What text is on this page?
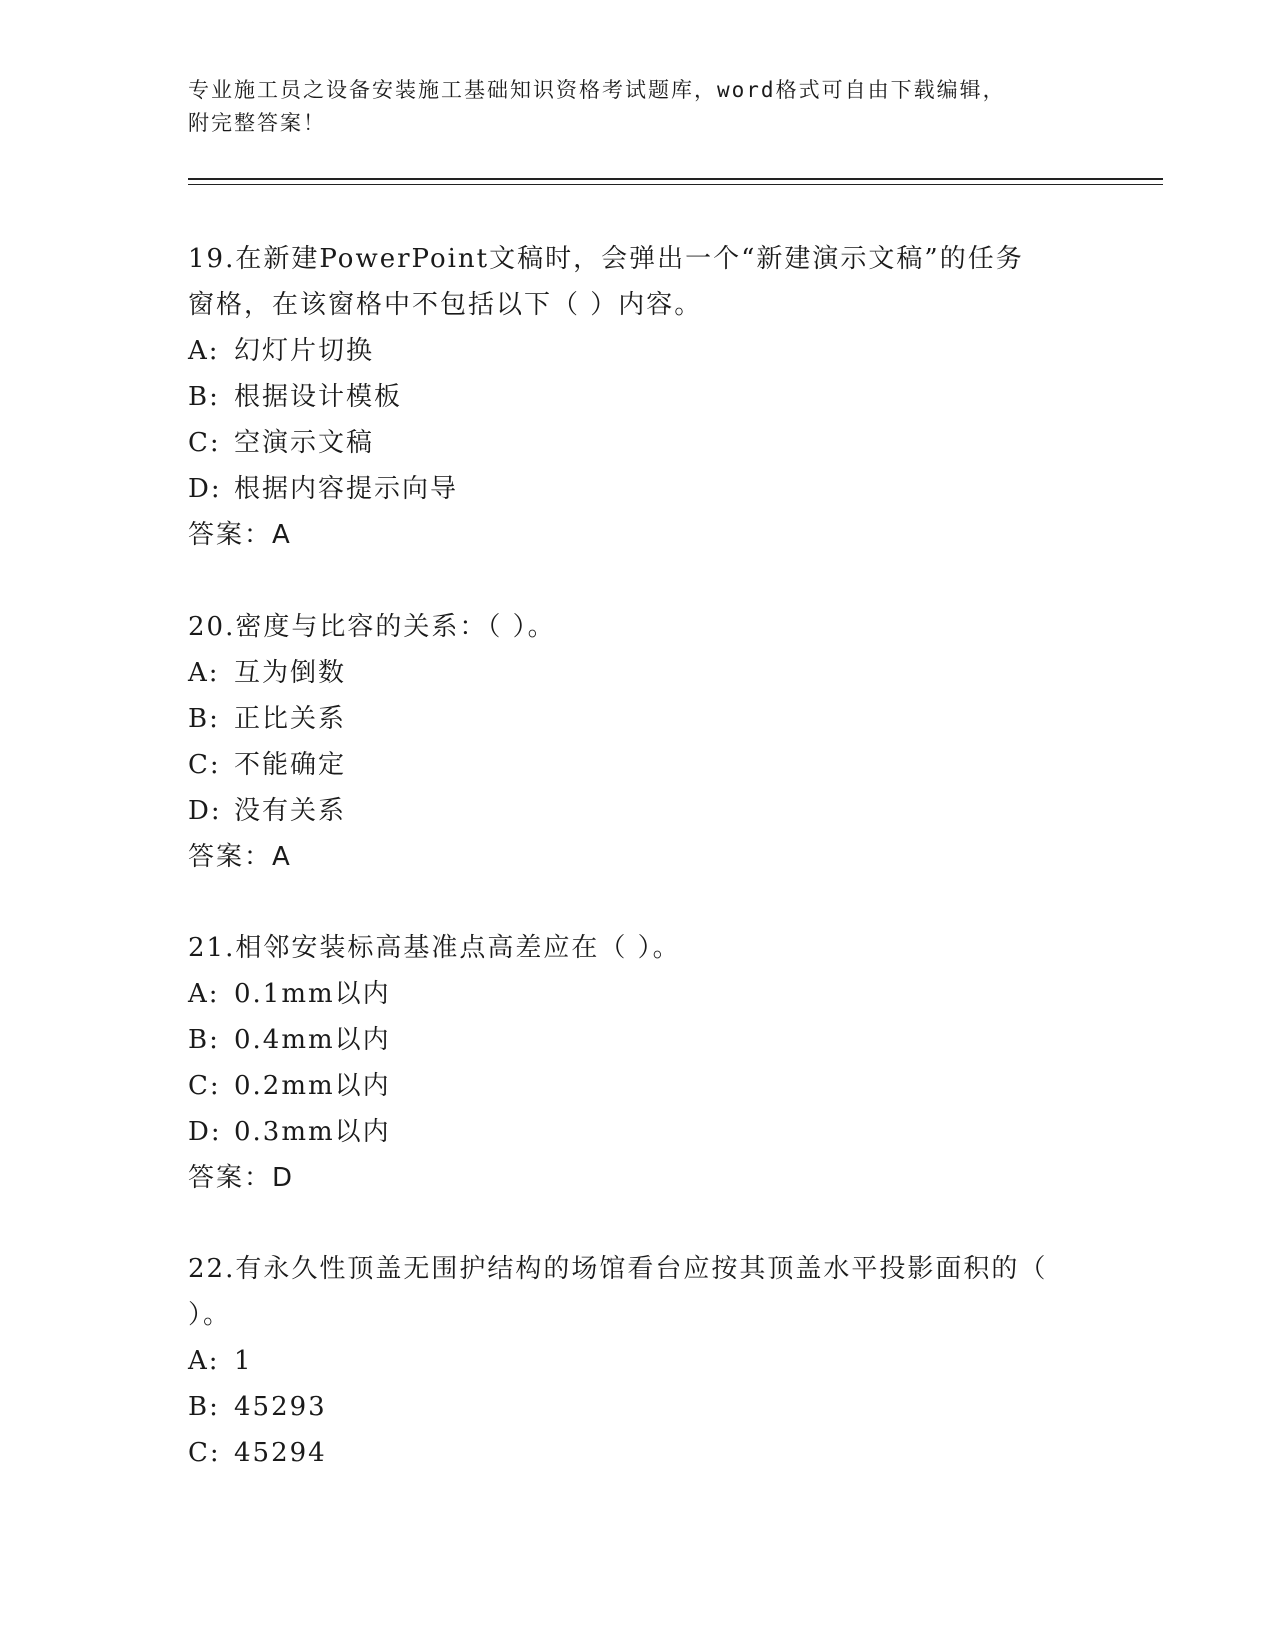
专业施工员之设备安装施工基础知识资格考试题库，word格式可自由下载编辑，
附完整答案！

19.在新建PowerPoint文稿时，会弹出一个“新建演示文稿”的任务

窗格，在该窗格中不包括以下（ ）内容。

A: 幻灯片切换
B: 根据设计模板
C: 空演示文稿
D: 根据内容提示向导

答案：A

20.密度与比容的关系：（ ）。

A: 互为倒数
B: 正比关系
C: 不能确定
D: 没有关系

答案：A

21.相邻安装标高基准点高差应在（ ）。

A: 0.1mm以内
B: 0.4mm以内
C: 0.2mm以内
D: 0.3mm以内

答案：D

22.有永久性顶盖无围护结构的场馆看台应按其顶盖水平投影面积的（

）。

A: 1
B: 45293
C: 45294
